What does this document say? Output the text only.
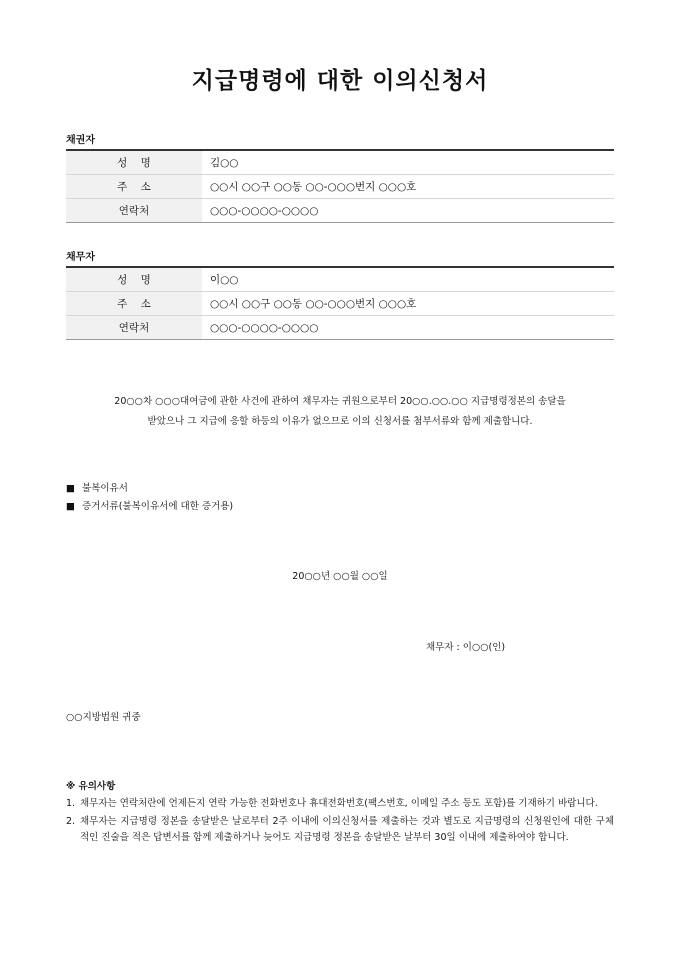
지급명령에 대한 이의신청서
채권자
성    명	김○○
주    소	○○시 ○○구 ○○동 ○○-○○○번지 ○○○호
연락처	○○○-○○○○-○○○○
채무자
성    명	이○○
주    소	○○시 ○○구 ○○동 ○○-○○○번지 ○○○호
연락처	○○○-○○○○-○○○○
20○○차 ○○○대여금에 관한 사건에 관하여 채무자는 귀원으로부터 20○○.○○.○○ 지급명령정본의 송달을
받았으나 그 지급에 응할 하등의 이유가 없으므로 이의 신청서를 첨부서류와 함께 제출합니다.
■ 불복이유서
■ 증거서류(불복이유서에 대한 증거용)
20○○년 ○○월 ○○일
채무자 : 이○○(인)
○○지방법원 귀중
※ 유의사항
1. 채무자는 연락처란에 언제든지 연락 가능한 전화번호나 휴대전화번호(팩스번호, 이메일 주소 등도 포함)를 기재하기 바랍니다.
2. 채무자는 지급명령 정본을 송달받은 날로부터 2주 이내에 이의신청서를 제출하는 것과 별도로 지급명령의 신청원인에 대한 구체적인 진술을 적은 답변서를 함께 제출하거나 늦어도 지급명령 정본을 송달받은 날부터 30일 이내에 제출하여야 합니다.
